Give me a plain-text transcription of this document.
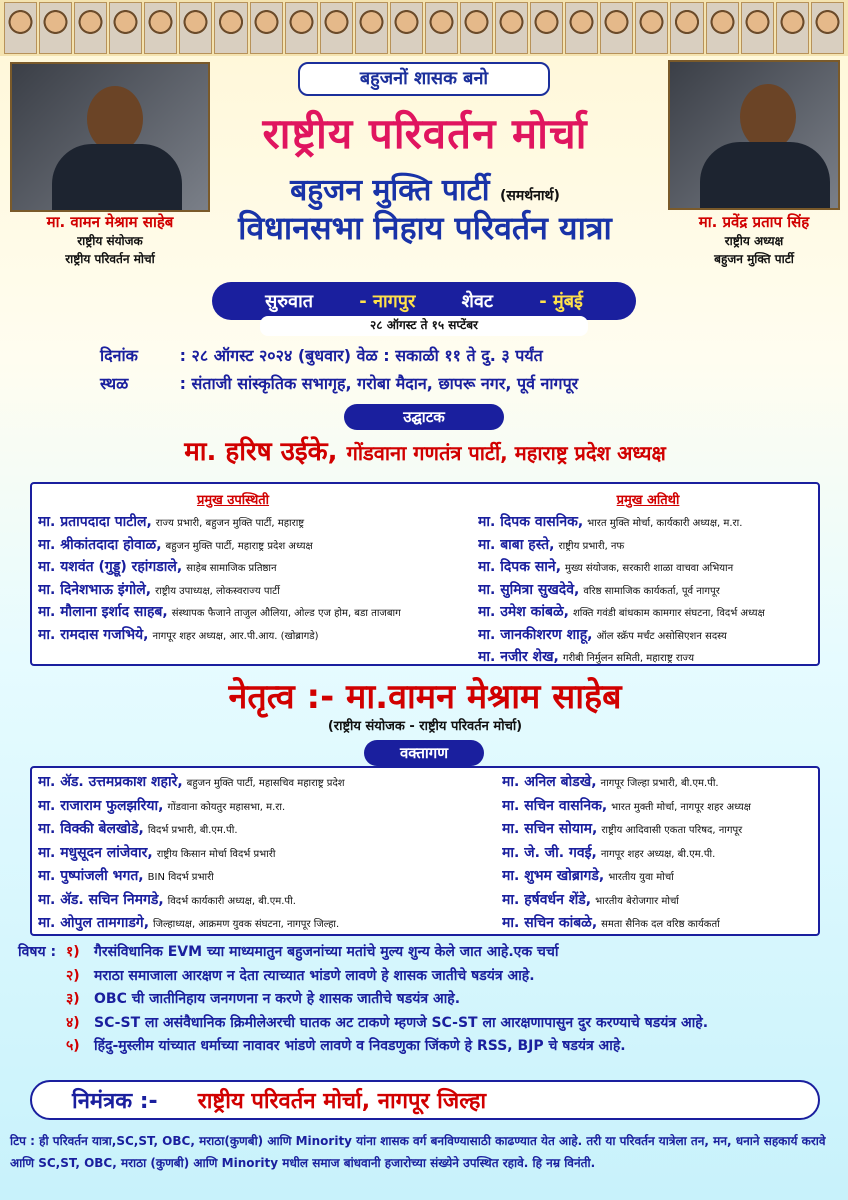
मा. वामन मेश्राम साहेब
राष्ट्रीय संयोजक
राष्ट्रीय परिवर्तन मोर्चा
मा. प्रवेंद्र प्रताप सिंह
राष्ट्रीय अध्यक्ष
बहुजन मुक्ति पार्टी
बहुजनों शासक बनो
राष्ट्रीय परिवर्तन मोर्चा
बहुजन मुक्ति पार्टी (समर्थनार्थ)
विधानसभा निहाय परिवर्तन यात्रा
सुरुवात	- नागपुर	शेवट	- मुंबई
२८ ऑगस्ट ते १५ सप्टेंबर
दिनांक	: २८ ऑगस्ट २०२४ (बुधवार) वेळ : सकाळी ११ ते दु. ३ पर्यंत
स्थळ	: संताजी सांस्कृतिक सभागृह, गरोबा मैदान, छापरू नगर, पूर्व नागपूर
उद्घाटक
मा. हरिष उईके, गोंडवाना गणतंत्र पार्टी, महाराष्ट्र प्रदेश अध्यक्ष
प्रमुख उपस्थिती
मा. प्रतापदादा पाटील, राज्य प्रभारी, बहुजन मुक्ति पार्टी, महाराष्ट्र
मा. श्रीकांतदादा होवाळ, बहुजन मुक्ति पार्टी, महाराष्ट्र प्रदेश अध्यक्ष
मा. यशवंत (गुड्डू) रहांगडाले, साहेब सामाजिक प्रतिष्ठान
मा. दिनेशभाऊ इंगोले, राष्ट्रीय उपाध्यक्ष, लोकस्वराज्य पार्टी
मा. मौलाना इर्शाद साहब, संस्थापक फैजाने ताजुल औलिया, ओल्ड एज होम, बडा ताजबाग
मा. रामदास गजभिये, नागपूर शहर अध्यक्ष, आर.पी.आय. (खोब्रागडे)
प्रमुख अतिथी
मा. दिपक वासनिक, भारत मुक्ति मोर्चा, कार्यकारी अध्यक्ष, म.रा.
मा. बाबा हस्ते, राष्ट्रीय प्रभारी, नफ
मा. दिपक साने, मुख्य संयोजक, सरकारी शाळा वाचवा अभियान
मा. सुमित्रा सुखदेवे, वरिष्ठ सामाजिक कार्यकर्ता, पूर्व नागपूर
मा. उमेश कांबळे, शक्ति गवंडी बांधकाम कामगार संघटना, विदर्भ अध्यक्ष
मा. जानकीशरण शाहू, ऑल स्क्रॅप मर्चंट असोसिएशन सदस्य
मा. नजीर शेख, गरीबी निर्मुलन समिती, महाराष्ट्र राज्य
नेतृत्व :- मा.वामन मेश्राम साहेब
(राष्ट्रीय संयोजक - राष्ट्रीय परिवर्तन मोर्चा)
वक्तागण
मा. ॲड. उत्तमप्रकाश शहारे, बहुजन मुक्ति पार्टी, महासचिव महाराष्ट्र प्रदेश
मा. राजाराम फुलझरिया, गोंडवाना कोयतुर महासभा, म.रा.
मा. विक्की बेलखोडे, विदर्भ प्रभारी, बी.एम.पी.
मा. मधुसूदन लांजेवार, राष्ट्रीय किसान मोर्चा विदर्भ प्रभारी
मा. पुष्पांजली भगत, BIN विदर्भ प्रभारी
मा. ॲड. सचिन निमगडे, विदर्भ कार्यकारी अध्यक्ष, बी.एम.पी.
मा. ओपुल तामगाडगे, जिल्हाध्यक्ष, आक्रमण युवक संघटना, नागपूर जिल्हा.
मा. अनिल बोडखे, नागपूर जिल्हा प्रभारी, बी.एम.पी.
मा. सचिन वासनिक, भारत मुक्ती मोर्चा, नागपूर शहर अध्यक्ष
मा. सचिन सोयाम, राष्ट्रीय आदिवासी एकता परिषद, नागपूर
मा. जे. जी. गवई, नागपूर शहर अध्यक्ष, बी.एम.पी.
मा. शुभम खोब्रागडे, भारतीय युवा मोर्चा
मा. हर्षवर्धन शेंडे, भारतीय बेरोजगार मोर्चा
मा. सचिन कांबळे, समता सैनिक दल वरिष्ठ कार्यकर्ता
विषय : १)	गैरसंविधानिक EVM च्या माध्यमातुन बहुजनांच्या मतांचे मुल्य शुन्य केले जात आहे.एक चर्चा
२)	मराठा समाजाला आरक्षण न देता त्याच्यात भांडणे लावणे हे शासक जातीचे षडयंत्र आहे.
३)	OBC ची जातीनिहाय जनगणना न करणे हे शासक जातीचे षडयंत्र आहे.
४)	SC-ST ला असंवैधानिक क्रिमीलेअरची घातक अट टाकणे म्हणजे SC-ST ला आरक्षणापासुन दुर करण्याचे षडयंत्र आहे.
५)	हिंदु-मुस्लीम यांच्यात धर्माच्या नावावर भांडणे लावणे व निवडणुका जिंकणे हे RSS, BJP चे षडयंत्र आहे.
निमंत्रक :- राष्ट्रीय परिवर्तन मोर्चा, नागपूर जिल्हा
टिप : ही परिवर्तन यात्रा,SC,ST, OBC, मराठा(कुणबी) आणि Minority यांना शासक वर्ग बनविण्यासाठी काढण्यात येत आहे. तरी या परिवर्तन यात्रेला तन, मन, धनाने सहकार्य करावे आणि SC,ST, OBC, मराठा (कुणबी) आणि Minority मधील समाज बांधवानी हजारोच्या संख्येने उपस्थित रहावे. हि नम्र विनंती.
